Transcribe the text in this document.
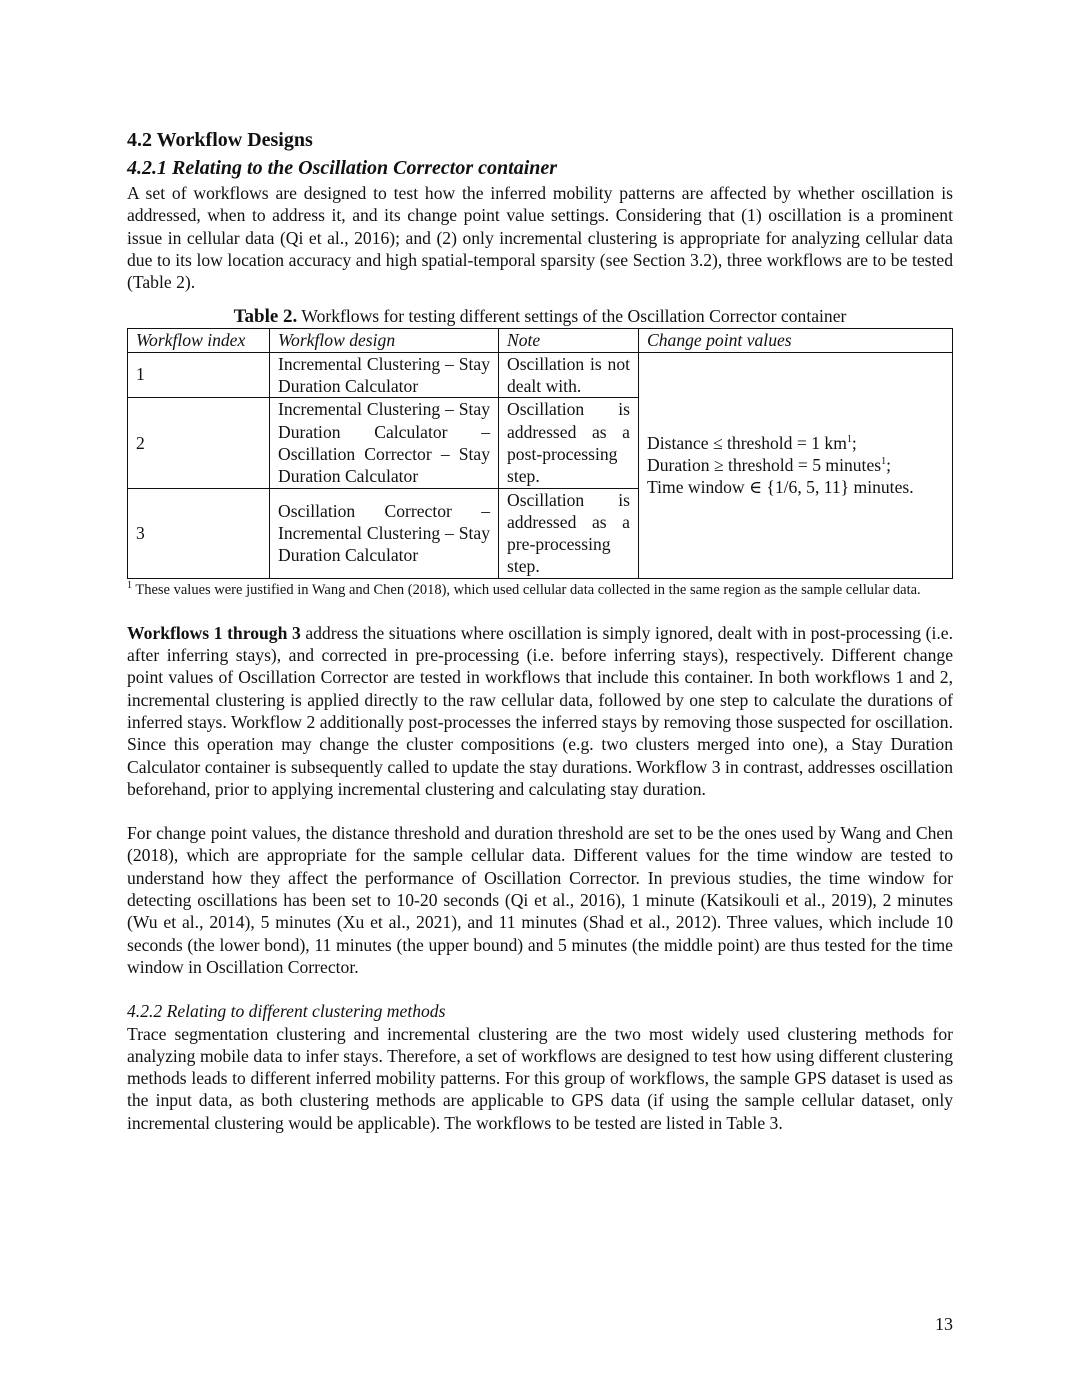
4.2 Workflow Designs
4.2.1 Relating to the Oscillation Corrector container

A set of workflows are designed to test how the inferred mobility patterns are affected by whether oscillation is addressed, when to address it, and its change point value settings. Considering that (1) oscillation is a prominent issue in cellular data (Qi et al., 2016); and (2) only incremental clustering is appropriate for analyzing cellular data due to its low location accuracy and high spatial-temporal sparsity (see Section 3.2), three workflows are to be tested (Table 2).

Table 2. Workflows for testing different settings of the Oscillation Corrector container
Workflow index	Workflow design	Note	Change point values
1	Incremental Clustering – Stay Duration Calculator	Oscillation is not dealt with.	Distance ≤ threshold = 1 $km^1$;
Duration ≥ threshold = 5 minutes$^1$;
Time window ∈ {1/6, 5, 11} minutes.

2	Incremental Clustering – Stay Duration Calculator – Oscillation Corrector – Stay Duration Calculator	Oscillation is addressed as a post-processing step.	
3	Oscillation Corrector – Incremental Clustering – Stay Duration Calculator	Oscillation is addressed as a pre-processing step.	
$^1$ These values were justified in Wang and Chen (2018), which used cellular data collected in the same region as the sample cellular data.

Workflows 1 through 3 address the situations where oscillation is simply ignored, dealt with in post-processing (i.e. after inferring stays), and corrected in pre-processing (i.e. before inferring stays), respectively. Different change point values of Oscillation Corrector are tested in workflows that include this container. In both workflows 1 and 2, incremental clustering is applied directly to the raw cellular data, followed by one step to calculate the durations of inferred stays. Workflow 2 additionally post-processes the inferred stays by removing those suspected for oscillation. Since this operation may change the cluster compositions (e.g. two clusters merged into one), a Stay Duration Calculator container is subsequently called to update the stay durations. Workflow 3 in contrast, addresses oscillation beforehand, prior to applying incremental clustering and calculating stay duration.

For change point values, the distance threshold and duration threshold are set to be the ones used by Wang and Chen (2018), which are appropriate for the sample cellular data. Different values for the time window are tested to understand how they affect the performance of Oscillation Corrector. In previous studies, the time window for detecting oscillations has been set to 10-20 seconds (Qi et al., 2016), 1 minute (Katsikouli et al., 2019), 2 minutes (Wu et al., 2014), 5 minutes (Xu et al., 2021), and 11 minutes (Shad et al., 2012). Three values, which include 10 seconds (the lower bond), 11 minutes (the upper bound) and 5 minutes (the middle point) are thus tested for the time window in Oscillation Corrector.

4.2.2 Relating to different clustering methods

Trace segmentation clustering and incremental clustering are the two most widely used clustering methods for analyzing mobile data to infer stays. Therefore, a set of workflows are designed to test how using different clustering methods leads to different inferred mobility patterns. For this group of workflows, the sample GPS dataset is used as the input data, as both clustering methods are applicable to GPS data (if using the sample cellular dataset, only incremental clustering would be applicable). The workflows to be tested are listed in Table 3.

13
